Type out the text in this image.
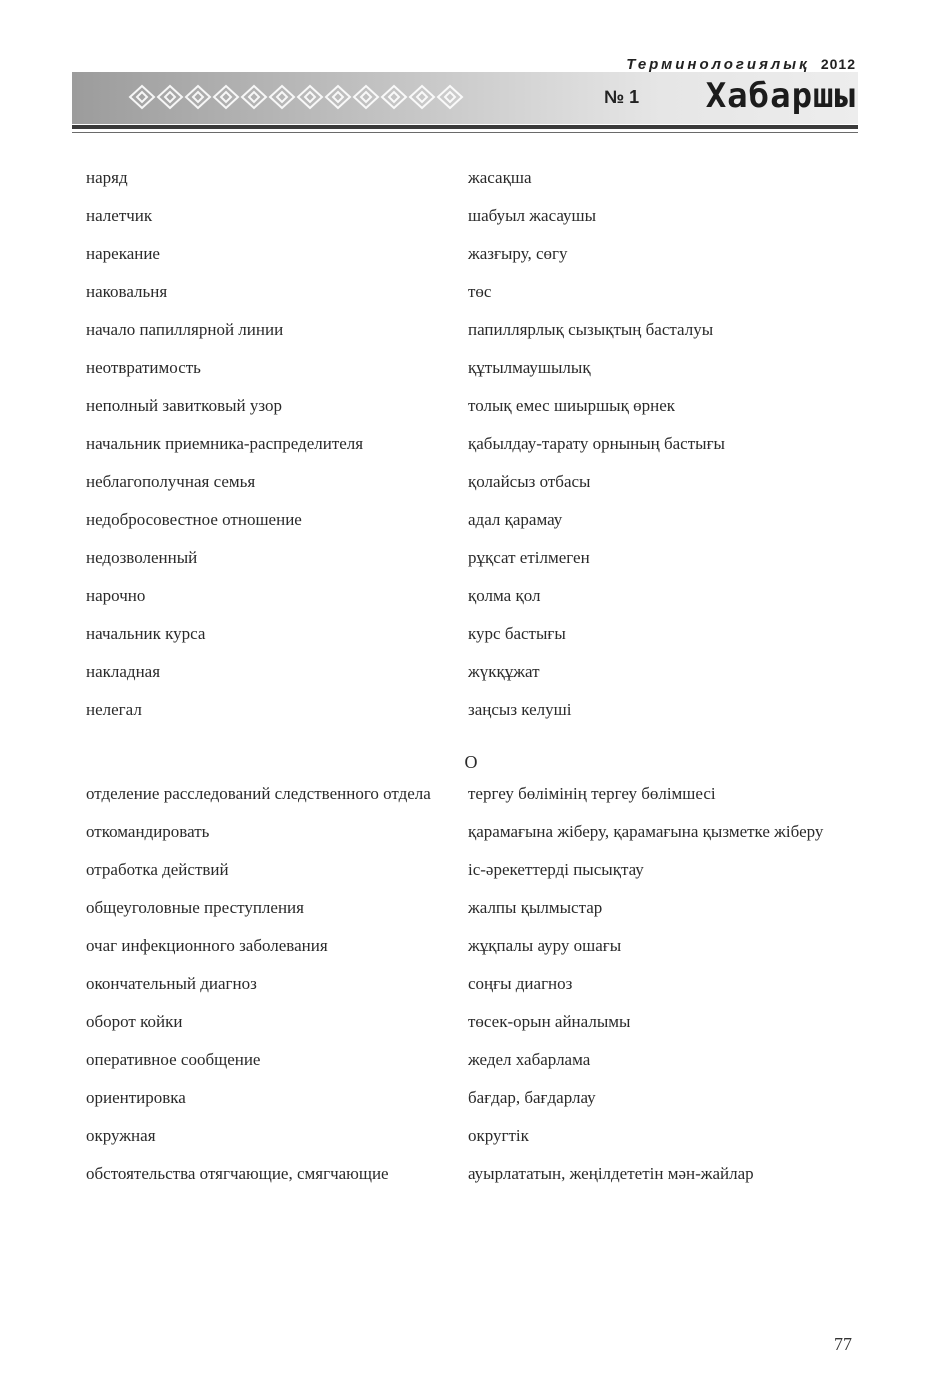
Терминологиялық 2012
№ 1 Хабаршы
наряд	жасақша
налетчик	шабуыл жасаушы
нарекание	жазғыру, сөгу
наковальня	төс
начало папиллярной линии	папиллярлық сызықтың басталуы
неотвратимость	құтылмаушылық
неполный завитковый узор	толық емес шиыршық өрнек
начальник приемника-распределителя	қабылдау-тарату орнының бастығы
неблагополучная семья	қолайсыз отбасы
недобросовестное отношение	адал қарамау
недозволенный	рұқсат етілмеген
нарочно	қолма қол
начальник курса	курс бастығы
накладная	жүкқұжат
нелегал	заңсыз келуші
О
отделение расследований следственного отдела	тергеу бөлімінің тергеу бөлімшесі
откомандировать	қарамағына жіберу, қарамағына қызметке жіберу
отработка действий	іс-әрекеттерді пысықтау
общеуголовные преступления	жалпы қылмыстар
очаг инфекционного заболевания	жұқпалы ауру ошағы
окончательный диагноз	соңғы диагноз
оборот койки	төсек-орын айналымы
оперативное сообщение	жедел хабарлама
ориентировка	бағдар, бағдарлау
окружная	округтік
обстоятельства отягчающие, смягчающие	ауырлататын, жеңілдететін мән-жайлар
77
